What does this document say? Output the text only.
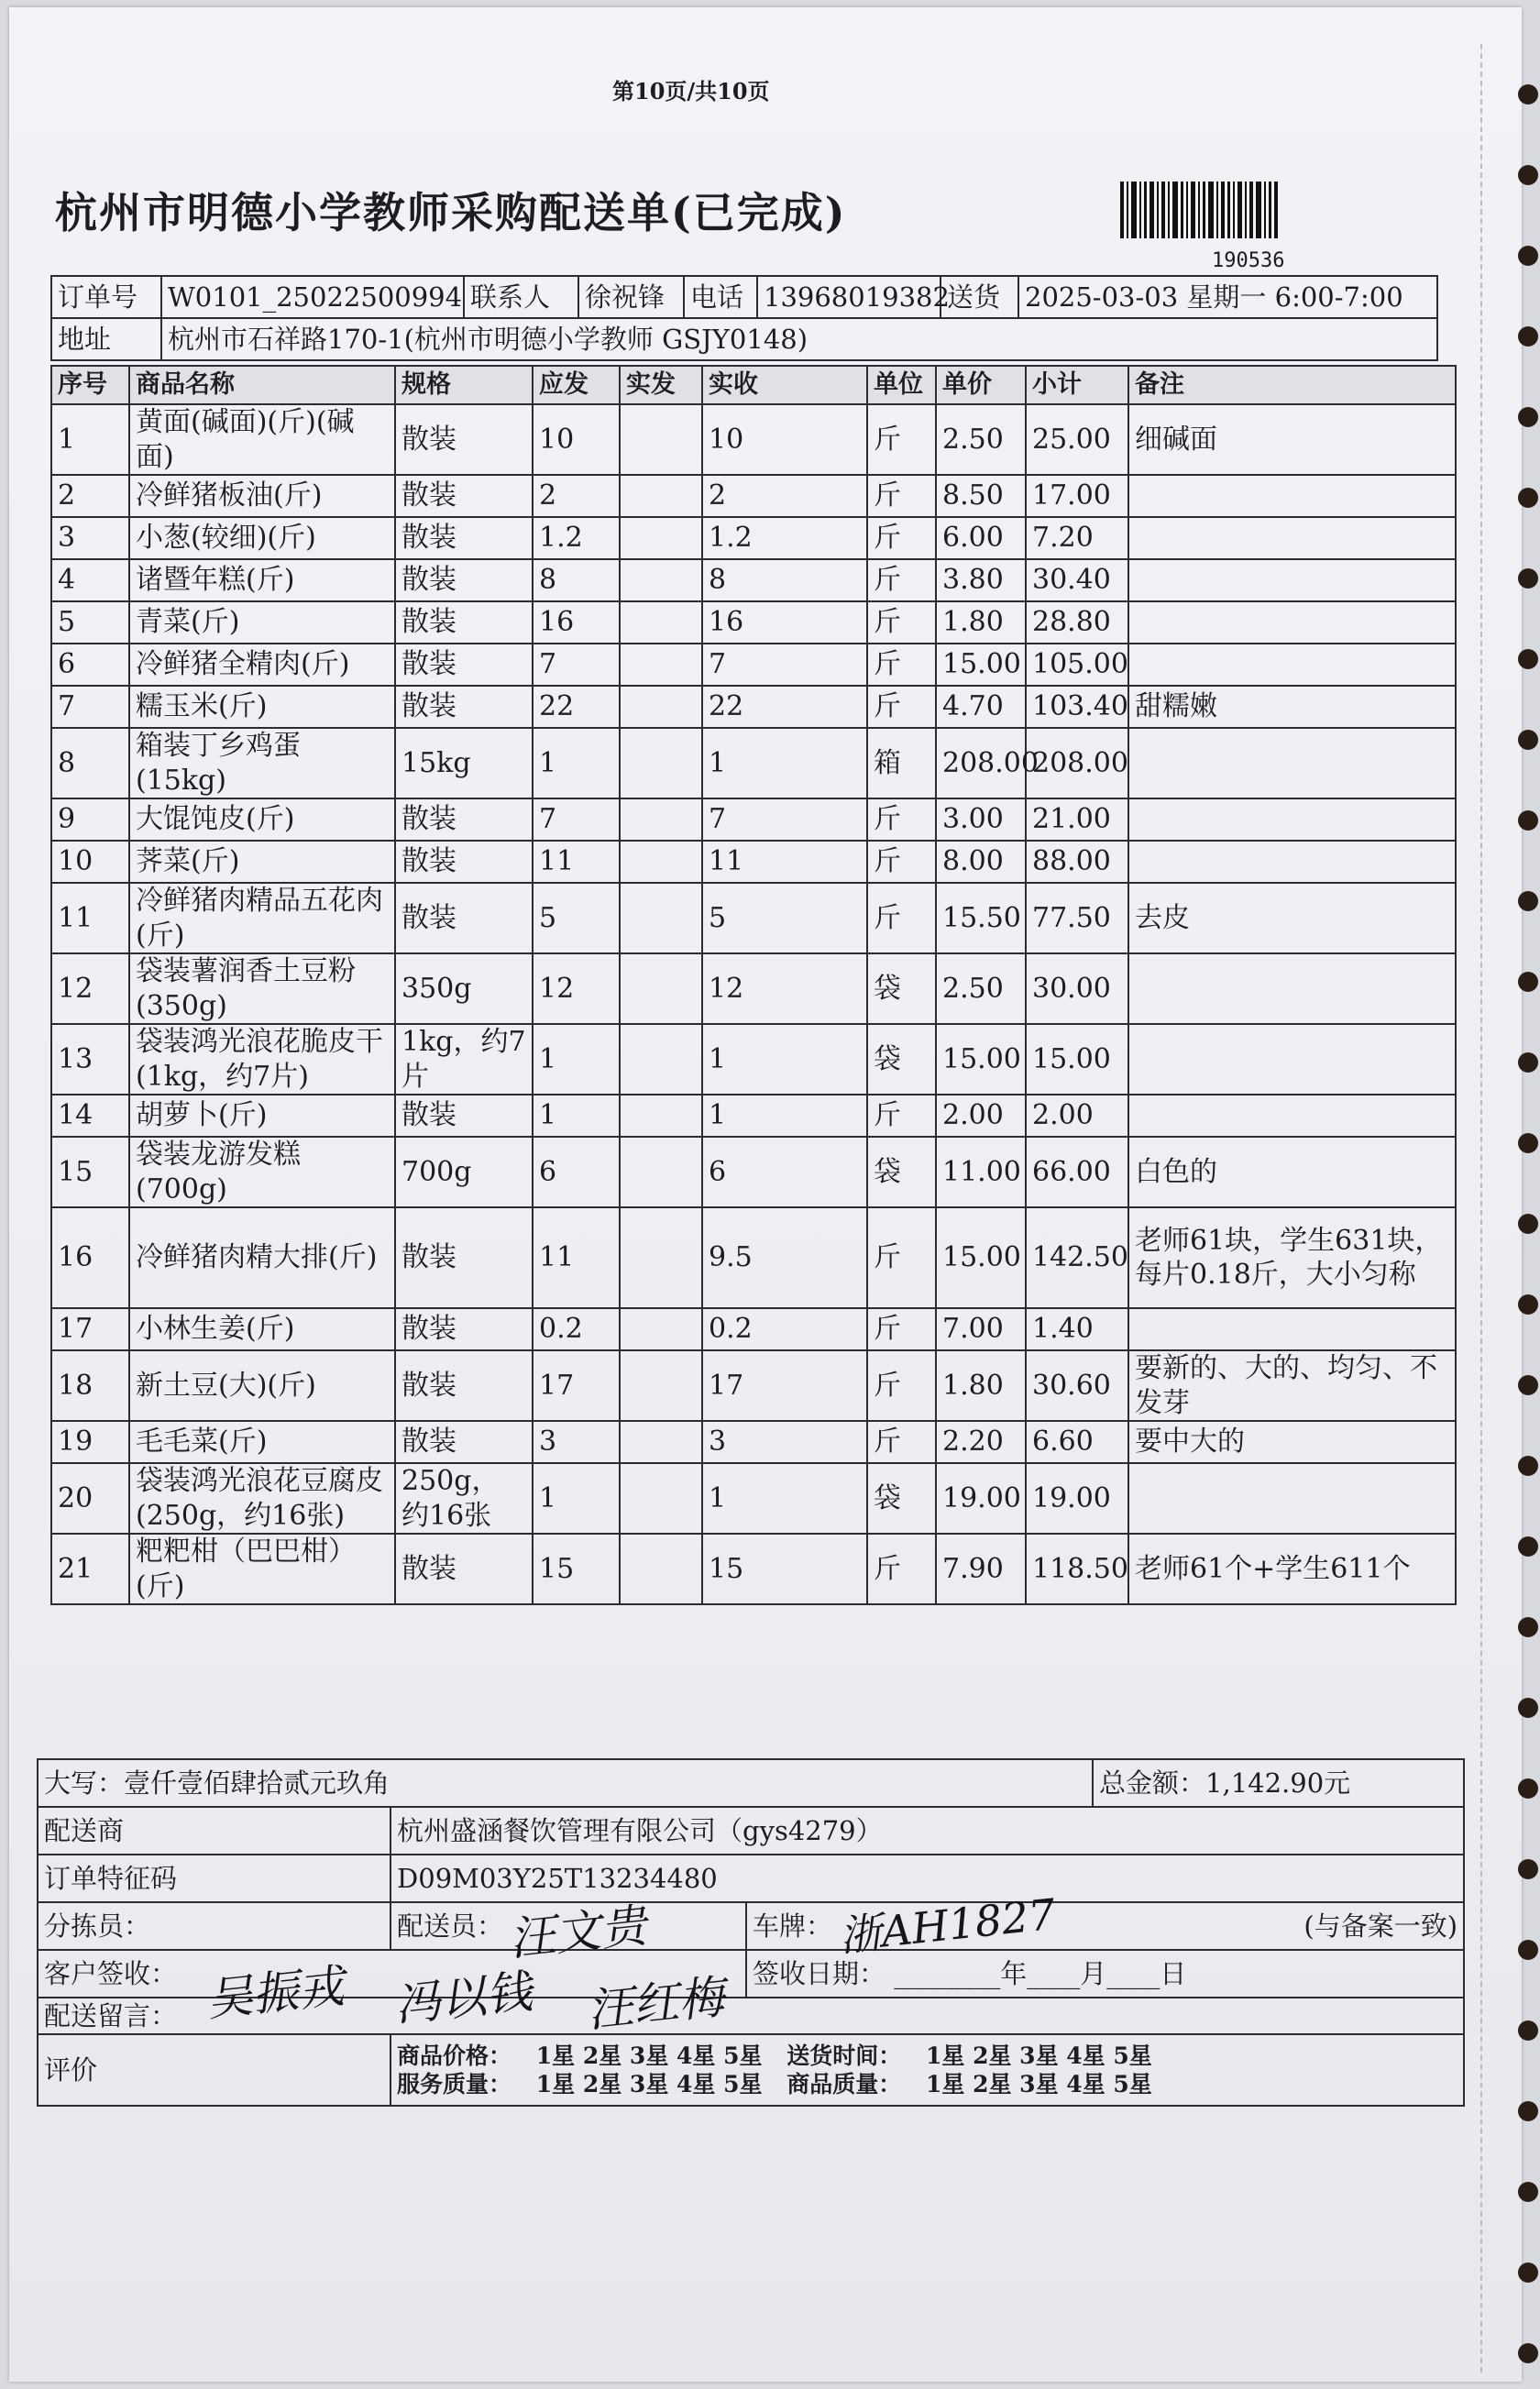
第10页/共10页
杭州市明德小学教师采购配送单(已完成)
190536
订单号	W0101_25022500994	联系人	徐祝锋	电话	13968019382	送货	2025-03-03 星期一 6:00-7:00
地址	杭州市石祥路170-1(杭州市明德小学教师 GSJY0148)						
序号	商品名称	规格	应发	实发	实收	单位	单价	小计	备注
1	黄面(碱面)(斤)(碱面)	散装	10		10	斤	2.50	25.00	细碱面
2	冷鲜猪板油(斤)	散装	2		2	斤	8.50	17.00	
3	小葱(较细)(斤)	散装	1.2		1.2	斤	6.00	7.20	
4	诸暨年糕(斤)	散装	8		8	斤	3.80	30.40	
5	青菜(斤)	散装	16		16	斤	1.80	28.80	
6	冷鲜猪全精肉(斤)	散装	7		7	斤	15.00	105.00	
7	糯玉米(斤)	散装	22		22	斤	4.70	103.40	甜糯嫩
8	箱装丁乡鸡蛋(15kg)	15kg	1		1	箱	208.00	208.00	
9	大馄饨皮(斤)	散装	7		7	斤	3.00	21.00	
10	荠菜(斤)	散装	11		11	斤	8.00	88.00	
11	冷鲜猪肉精品五花肉(斤)	散装	5		5	斤	15.50	77.50	去皮
12	袋装薯润香土豆粉(350g)	350g	12		12	袋	2.50	30.00	
13	袋装鸿光浪花脆皮干(1kg，约7片)	1kg，约7片	1		1	袋	15.00	15.00	
14	胡萝卜(斤)	散装	1		1	斤	2.00	2.00	
15	袋装龙游发糕(700g)	700g	6		6	袋	11.00	66.00	白色的
16	冷鲜猪肉精大排(斤)	散装	11		9.5	斤	15.00	142.50	老师61块，学生631块，每片0.18斤，大小匀称
17	小林生姜(斤)	散装	0.2		0.2	斤	7.00	1.40	
18	新土豆(大)(斤)	散装	17		17	斤	1.80	30.60	要新的、大的、均匀、不发芽
19	毛毛菜(斤)	散装	3		3	斤	2.20	6.60	要中大的
20	袋装鸿光浪花豆腐皮(250g，约16张)	250g，约16张	1		1	袋	19.00	19.00	
21	粑粑柑（巴巴柑）(斤)	散装	15		15	斤	7.90	118.50	老师61个+学生611个
大写：壹仟壹佰肆拾贰元玖角			总金额：1,142.90元
配送商	杭州盛涵餐饮管理有限公司（gys4279）		
订单特征码	D09M03Y25T13234480		
分拣员：	配送员：	车牌： (与备案一致)	

客户签收：		签收日期： ________年____月____日	
配送留言：			
评价	商品价格： 1星 2星 3星 4星 5星 送货时间： 1星 2星 3星 4星 5星
服务质量： 1星 2星 3星 4星 5星 商品质量： 1星 2星 3星 4星 5星		
汪文贵	浙AH1827
吴振戎 冯以钱 汪红梅
